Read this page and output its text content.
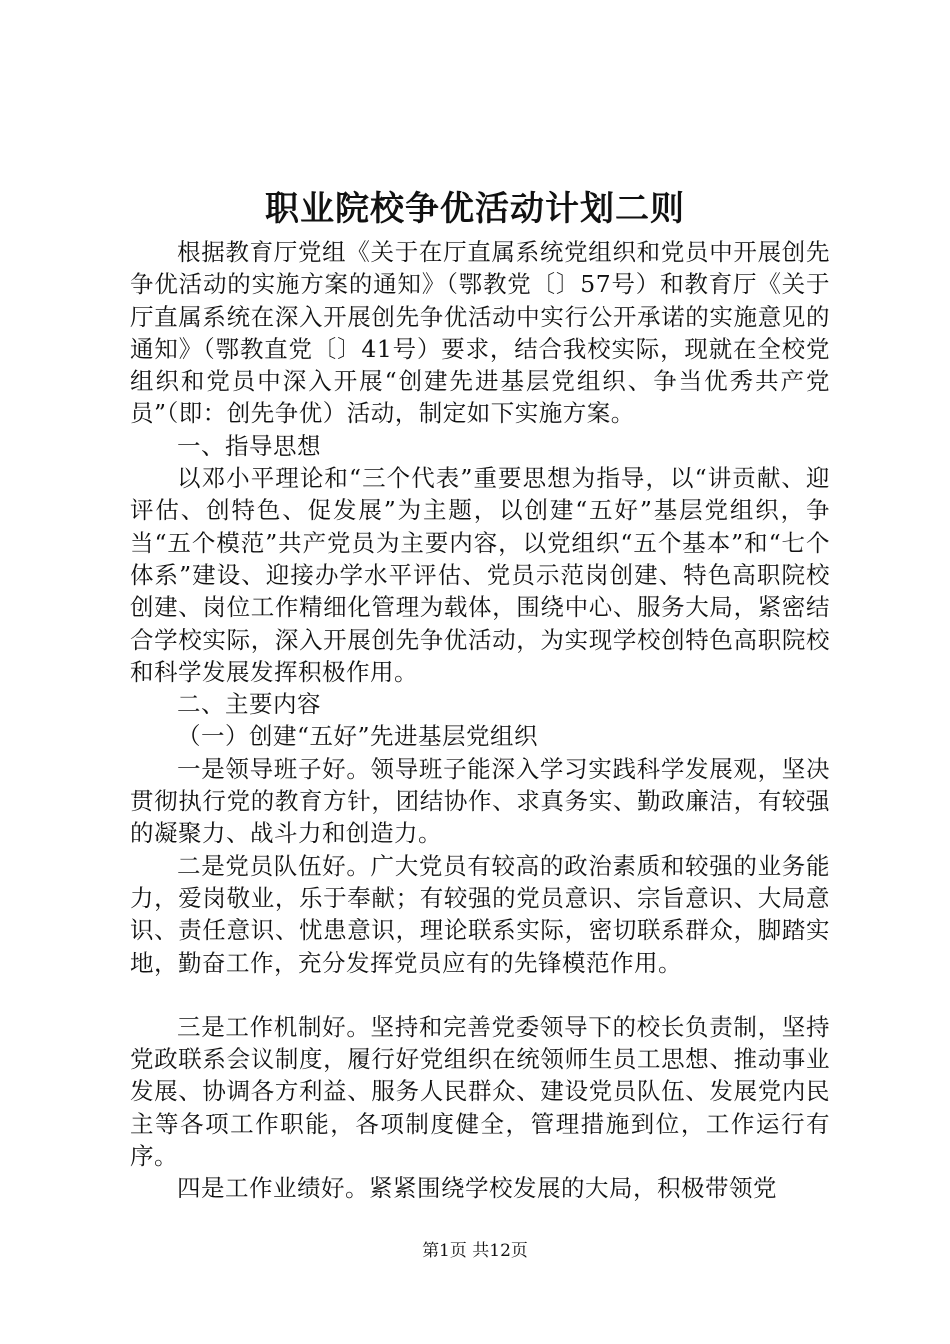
职业院校争优活动计划二则

根据教育厅党组《关于在厅直属系统党组织和党员中开展创先争优活动的实施方案的通知》（鄂教党〔〕57号）和教育厅《关于厅直属系统在深入开展创先争优活动中实行公开承诺的实施意见的通知》（鄂教直党〔〕41号）要求，结合我校实际，现就在全校党组织和党员中深入开展“创建先进基层党组织、争当优秀共产党员”（即：创先争优）活动，制定如下实施方案。

一、指导思想

以邓小平理论和“三个代表”重要思想为指导，以“讲贡献、迎评估、创特色、促发展”为主题，以创建“五好”基层党组织，争当“五个模范”共产党员为主要内容，以党组织“五个基本”和“七个体系”建设、迎接办学水平评估、党员示范岗创建、特色高职院校创建、岗位工作精细化管理为载体，围绕中心、服务大局，紧密结合学校实际，深入开展创先争优活动，为实现学校创特色高职院校和科学发展发挥积极作用。

二、主要内容

（一）创建“五好”先进基层党组织

一是领导班子好。领导班子能深入学习实践科学发展观，坚决贯彻执行党的教育方针，团结协作、求真务实、勤政廉洁，有较强的凝聚力、战斗力和创造力。

二是党员队伍好。广大党员有较高的政治素质和较强的业务能力，爱岗敬业，乐于奉献；有较强的党员意识、宗旨意识、大局意识、责任意识、忧患意识，理论联系实际，密切联系群众，脚踏实地，勤奋工作，充分发挥党员应有的先锋模范作用。

三是工作机制好。坚持和完善党委领导下的校长负责制，坚持党政联系会议制度，履行好党组织在统领师生员工思想、推动事业发展、协调各方利益、服务人民群众、建设党员队伍、发展党内民主等各项工作职能，各项制度健全，管理措施到位，工作运行有序。

四是工作业绩好。紧紧围绕学校发展的大局，积极带领党

第1页 共12页
